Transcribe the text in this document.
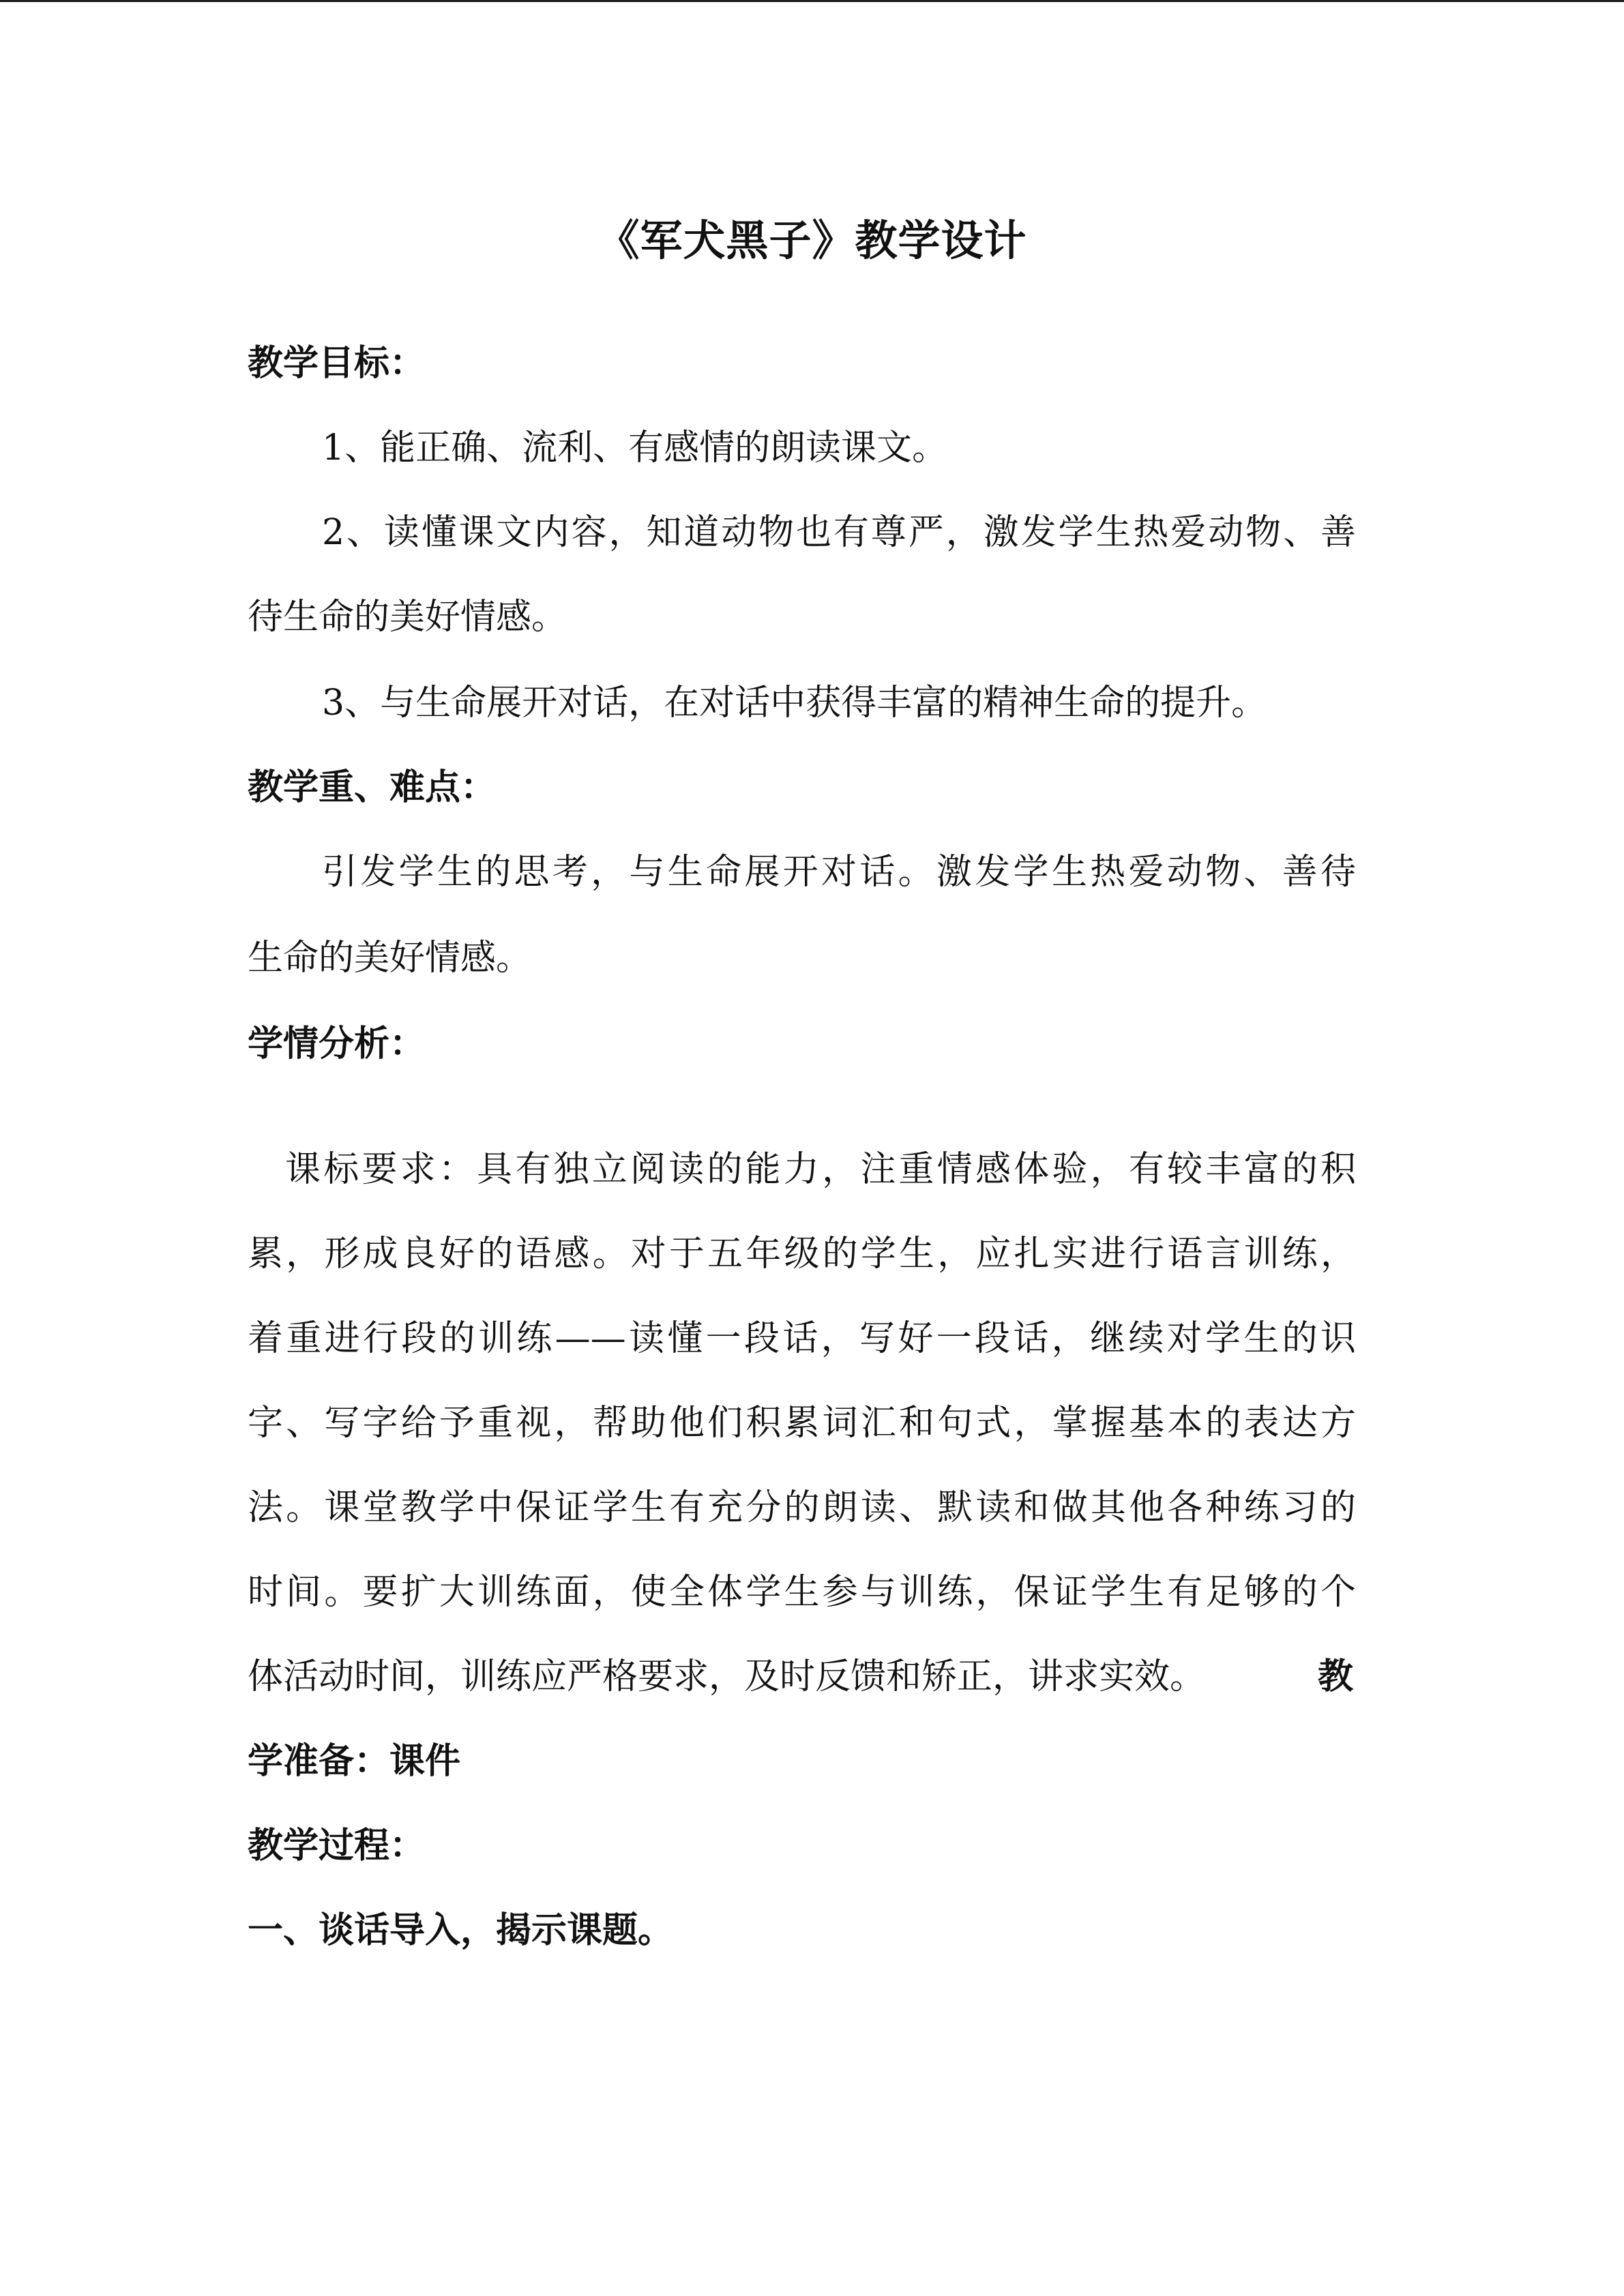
《军犬黑子》教学设计
教学目标：
1、能正确、流利、有感情的朗读课文。
2、读懂课文内容，知道动物也有尊严，激发学生热爱动物、善
待生命的美好情感。
3、与生命展开对话，在对话中获得丰富的精神生命的提升。
教学重、难点：
引发学生的思考，与生命展开对话。激发学生热爱动物、善待
生命的美好情感。
学情分析：
课标要求：具有独立阅读的能力，注重情感体验，有较丰富的积
累，形成良好的语感。对于五年级的学生，应扎实进行语言训练，
着重进行段的训练——读懂一段话，写好一段话，继续对学生的识
字、写字给予重视，帮助他们积累词汇和句式，掌握基本的表达方
法。课堂教学中保证学生有充分的朗读、默读和做其他各种练习的
时间。要扩大训练面，使全体学生参与训练，保证学生有足够的个
体活动时间，训练应严格要求，及时反馈和矫正，讲求实效。	教
学准备：课件
教学过程：
一、谈话导入，揭示课题。
